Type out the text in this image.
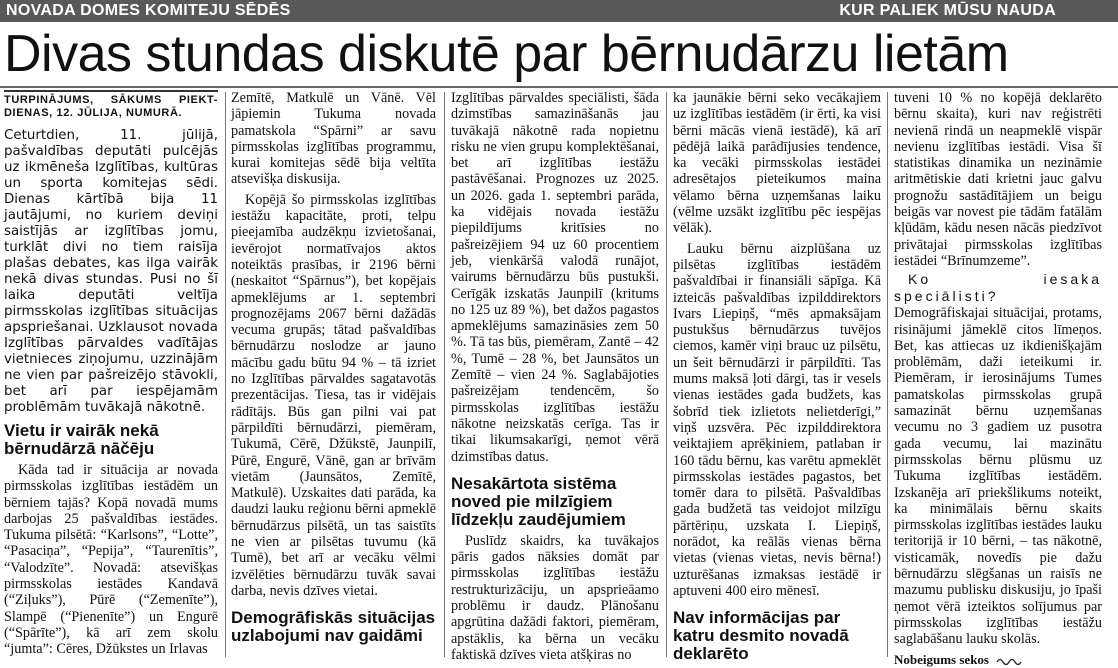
NOVADA DOMES KOMITEJU SĒDĒS	KUR PALIEK MŪSU NAUDA
Divas stundas diskutē par bērnudārzu lietām
TURPINĀJUMS, SĀKUMS PIEKT- DIENAS, 12. JŪLIJA, NUMURĀ.

Ceturtdien, 11. jūlijā, pašvaldības deputāti pulcējās uz ikmēneša Izglītības, kultūras un sporta komitejas sēdi. Dienas kārtībā bija 11 jautājumi, no kuriem deviņi saistījās ar izglītības jomu, turklāt divi no tiem raisīja plašas debates, kas ilga vairāk nekā divas stundas. Pusi no šī laika deputāti veltīja pirmsskolas izglītības situācijas apspriešanai. Uzklausot novada Izglītības pārvaldes vadītājas vietnieces ziņojumu, uzzinājām ne vien par pašreizējo stāvokli, bet arī par iespējamām problēmām tuvākajā nākotnē.

Vietu ir vairāk nekā bērnudārzā nāčēju

Kāda tad ir situācija ar novada pirmsskolas izglītības iestādēm un bērniem tajās? Kopā novadā mums darbojas 25 pašvaldības iestādes. Tukuma pilsētā: “Karlsons”, “Lotte”, “Pasaciņa”, “Pepija”, “Taurenītis”, “Valodzīte”. Novadā: atsevišķas pirmsskolas iestādes Kandavā (“Ziļuks”), Pūrē (“Zemenīte”), Slampē (“Pienenīte”) un Engurē (“Spārīte”), kā arī zem skolu “jumta”: Cēres, Džūkstes un Irlavas

Zemītē, Matkulē un Vānē. Vēl jāpiemin Tukuma novada pamatskola “Spārni” ar savu pirmsskolas izglītības programmu, kurai komitejas sēdē bija veltīta atsevišķa diskusija.

Kopējā šo pirmsskolas izglītības iestāžu kapacitāte, proti, telpu pieejamība audzēkņu izvietošanai, ievērojot normatīvajos aktos noteiktās prasības, ir 2196 bērni (neskaitot “Spārnus”), bet kopējais apmeklējums ar 1. septembri prognozējams 2067 bērni dažādās vecuma grupās; tātad pašvaldības bērnudārzu noslodze ar jauno mācību gadu būtu 94 % – tā izriet no Izglītības pārvaldes sagatavotās prezentācijas. Tiesa, tas ir vidējais rādītājs. Būs gan pilni vai pat pārpildīti bērnudārzi, piemēram, Tukumā, Cērē, Džūkstē, Jaunpilī, Pūrē, Engurē, Vānē, gan ar brīvām vietām (Jaunsātos, Zemītē, Matkulē). Uzskaites dati parāda, ka daudzi lauku reģionu bērni apmeklē bērnudārzus pilsētā, un tas saistīts ne vien ar pilsētas tuvumu (kā Tumē), bet arī ar vecāku vēlmi izvēlēties bērnudārzu tuvāk savai darba, nevis dzīves vietai.

Demogrāfiskās situācijas uzlabojumi nav gaidāmi

Izglītības pārvaldes speciālisti, šāda dzimstības samazināšanās jau tuvākajā nākotnē rada nopietnu risku ne vien grupu komplektēšanai, bet arī izglītības iestāžu pastāvēšanai. Prognozes uz 2025. un 2026. gada 1. septembri parāda, ka vidējais novada iestāžu piepildījums kritīsies no pašreizējiem 94 uz 60 procentiem jeb, vienkāršā valodā runājot, vairums bērnudārzu būs pustukši. Cerīgāk izskatās Jaunpilī (kritums no 125 uz 89 %), bet dažos pagastos apmeklējums samazināsies zem 50 %. Tā tas būs, piemēram, Zantē – 42 %, Tumē – 28 %, bet Jaunsātos un Zemītē – vien 24 %. Saglabājoties pašreizējam tendencēm, šo pirmsskolas izglītības iestāžu nākotne neizskatās cerīga. Tas ir tikai likumsakarīgi, ņemot vērā dzimstības datus.

Nesakārtota sistēma noved pie milzīgiem līdzekļu zaudējumiem

Puslīdz skaidrs, ka tuvākajos pāris gados nāksies domāt par pirmsskolas izglītības iestāžu restrukturizāciju, un apsprieāamo problēmu ir daudz. Plānošanu apgrūtina dažādi faktori, piemēram, apstāklis, ka bērna un vecāku faktiskā dzīves vieta atšķiras no

ka jaunākie bērni seko vecākajiem uz izglītības iestādēm (ir ērti, ka visi bērni mācās vienā iestādē), kā arī pēdējā laikā parādījusies tendence, ka vecāki pirmsskolas iestādei adresētajos pieteikumos maina vēlamo bērna uzņemšanas laiku (vēlme uzsākt izglītību pēc iespējas vēlāk).

Lauku bērnu aizplūšana uz pilsētas izglītības iestādēm pašvaldībai ir finansiāli sāpīga. Kā izteicās pašvaldības izpilddirektors Ivars Liepiņš, “mēs apmaksājam pustukšus bērnudārzus tuvējos ciemos, kamēr viņi brauc uz pilsētu, un šeit bērnudārzi ir pārpildīti. Tas mums maksā ļoti dārgi, tas ir vesels vienas iestādes gada budžets, kas šobrīd tiek izlietots nelietderīgi,” viņš uzsvēra. Pēc izpilddirektora veiktajiem aprēķiniem, patlaban ir 160 tādu bērnu, kas varētu apmeklēt pirmsskolas iestādes pagastos, bet tomēr dara to pilsētā. Pašvaldības gada budžetā tas veidojot milzīgu pārtēriņu, uzskata I. Liepiņš, norādot, ka reālās vienas bērna vietas (vienas vietas, nevis bērna!) uzturēšanas izmaksas iestādē ir aptuveni 400 eiro mēnesī.

Nav informācijas par katru desmito novadā deklarēto

tuveni 10 % no kopējā deklarēto bērnu skaita), kuri nav reģistrēti nevienā rindā un neapmeklē vispār nevienu izglītības iestādi. Visa šī statistikas dinamika un nezināmie aritmētiskie dati krietni jauc galvu prognožu sastādītājiem un beigu beigās var novest pie tādām fatālām kļūdām, kādu nesen nācās piedzīvot privātajai pirmsskolas izglītības iestādei “Brīnumzeme”.

Ko iesaka speciālisti?

Demogrāfiskajai situācijai, protams, risinājumi jāmeklē citos līmeņos. Bet, kas attiecas uz ikdienišķajām problēmām, daži ieteikumi ir. Piemēram, ir ierosinājums Tumes pamatskolas pirmsskolas grupā samazināt bērnu uzņemšanas vecumu no 3 gadiem uz pusotra gada vecumu, lai mazinātu pirmsskolas bērnu plūsmu uz Tukuma izglītības iestādēm. Izskanēja arī priekšlikums noteikt, ka minimālais bērnu skaits pirmsskolas izglītības iestādes lauku teritorijā ir 10 bērni, – tas nākotnē, visticamāk, novedīs pie dažu bērnudārzu slēgšanas un raisīs ne mazumu publisku diskusiju, jo īpaši ņemot vērā izteiktos solījumus par pirmsskolas izglītības iestāžu saglabāšanu lauku skolās.

Nobeigums sekos
